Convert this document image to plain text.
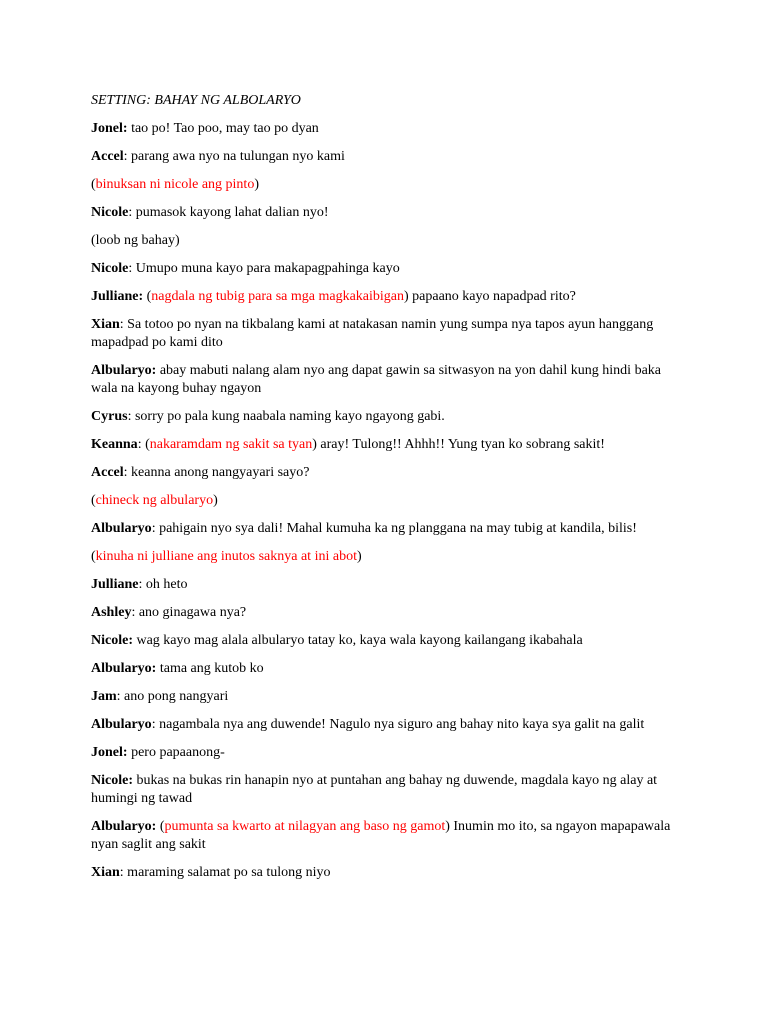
SETTING: BAHAY NG ALBOLARYO

Jonel: tao po! Tao poo, may tao po dyan

Accel: parang awa nyo na tulungan nyo kami

(binuksan ni nicole ang pinto)

Nicole: pumasok kayong lahat dalian nyo!

(loob ng bahay)

Nicole: Umupo muna kayo para makapagpahinga kayo

Julliane: (nagdala ng tubig para sa mga magkakaibigan) papaano kayo napadpad rito?

Xian: Sa totoo po nyan na tikbalang kami at natakasan namin yung sumpa nya tapos ayun hanggang mapadpad po kami dito

Albularyo: abay mabuti nalang alam nyo ang dapat gawin sa sitwasyon na yon dahil kung hindi baka wala na kayong buhay ngayon

Cyrus: sorry po pala kung naabala naming kayo ngayong gabi.

Keanna: (nakaramdam ng sakit sa tyan) aray! Tulong!! Ahhh!! Yung tyan ko sobrang sakit!

Accel: keanna anong nangyayari sayo?

(chineck ng albularyo)

Albularyo: pahigain nyo sya dali! Mahal kumuha ka ng planggana na may tubig at kandila, bilis!

(kinuha ni julliane ang inutos saknya at ini abot)

Julliane: oh heto

Ashley: ano ginagawa nya?

Nicole: wag kayo mag alala albularyo tatay ko, kaya wala kayong kailangang ikabahala

Albularyo: tama ang kutob ko

Jam: ano pong nangyari

Albularyo: nagambala nya ang duwende! Nagulo nya siguro ang bahay nito kaya sya galit na galit

Jonel: pero papaanong-

Nicole: bukas na bukas rin hanapin nyo at puntahan ang bahay ng duwende, magdala kayo ng alay at humingi ng tawad

Albularyo: (pumunta sa kwarto at nilagyan ang baso ng gamot) Inumin mo ito, sa ngayon mapapawala nyan saglit ang sakit

Xian: maraming salamat po sa tulong niyo
